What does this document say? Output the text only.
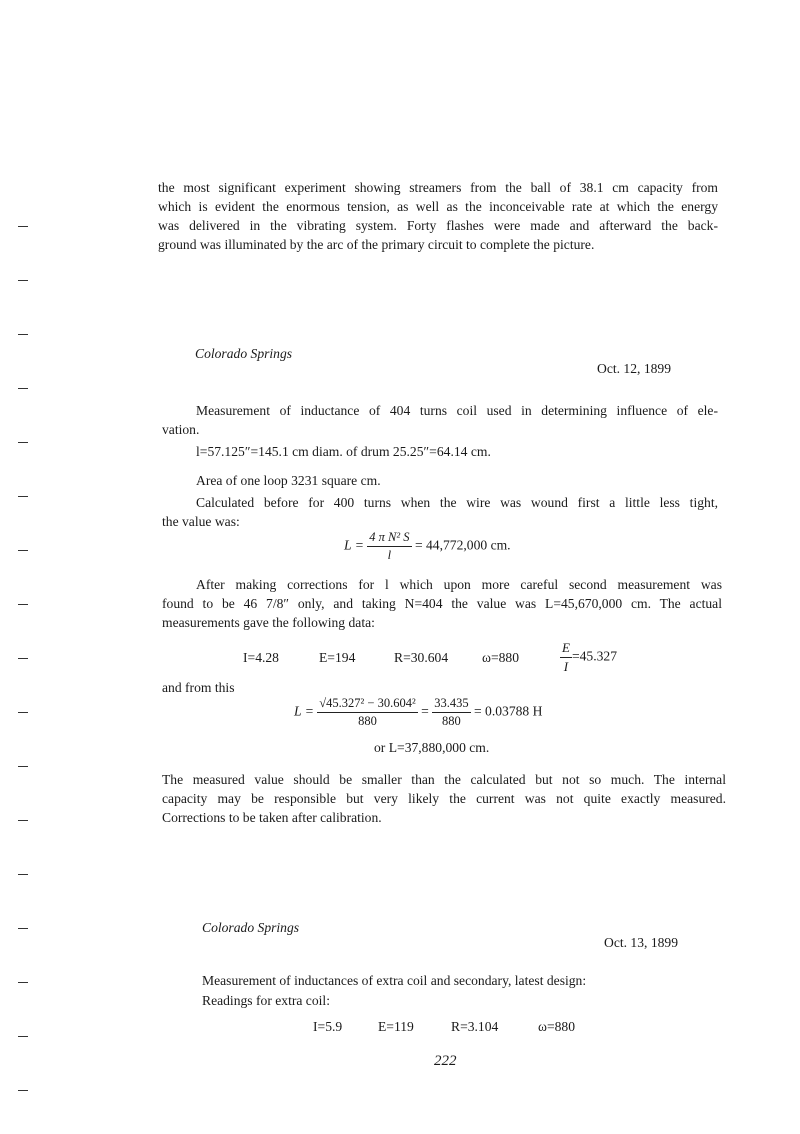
the most significant experiment showing streamers from the ball of 38.1 cm capacity from
which is evident the enormous tension, as well as the inconceivable rate at which the energy
was delivered in the vibrating system. Forty flashes were made and afterward the back-
ground was illuminated by the arc of the primary circuit to complete the picture.
Colorado Springs
Oct. 12, 1899
Measurement of inductance of 404 turns coil used in determining influence of ele-
vation.
l=57.125″=145.1 cm diam. of drum 25.25″=64.14 cm.
Area of one loop 3231 square cm.
Calculated before for 400 turns when the wire was wound first a little less tight,
the value was:
$L = \frac{\text{4 π N² S}}{l} = 44,772,000$ cm.
After making corrections for l which upon more careful second measurement was
found to be 46 7/8″ only, and taking N=404 the value was L=45,670,000 cm. The actual
measurements gave the following data:
I=4.28	E=194	R=30.604 ω=880	$\frac{E}{I} =45.327$
and from this
$L = \frac{\text{√45.327² − 30.604²}}{880} = \frac{33.435}{880} = 0.03788$ H
or L=37,880,000 cm.
The measured value should be smaller than the calculated but not so much. The internal
capacity may be responsible but very likely the current was not quite exactly measured.
Corrections to be taken after calibration.
Colorado Springs
Oct. 13, 1899
Measurement of inductances of extra coil and secondary, latest design:
Readings for extra coil:
I=5.9	E=119	R=3.104	ω=880
222
